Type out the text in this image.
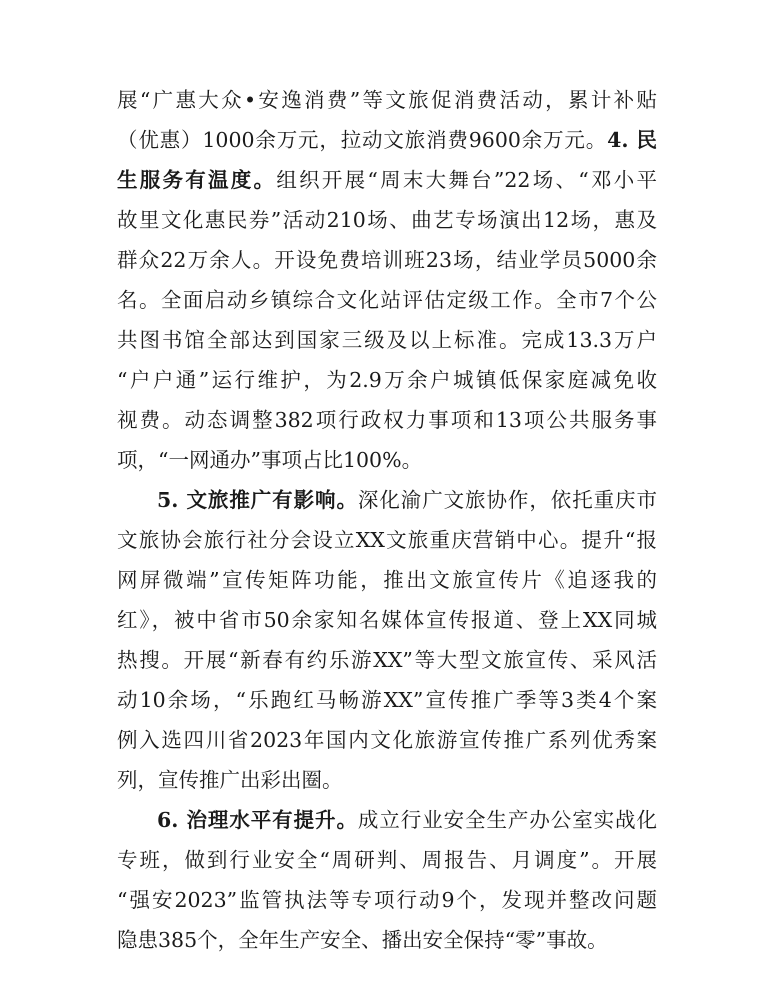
展“广惠大众•安逸消费”等文旅促消费活动，累计补贴
（优惠）1000余万元，拉动文旅消费9600余万元。4. 民
生服务有温度。组织开展“周末大舞台”22场、“邓小平
故里文化惠民券”活动210场、曲艺专场演出12场，惠及
群众22万余人。开设免费培训班23场，结业学员5000余
名。全面启动乡镇综合文化站评估定级工作。全市7个公
共图书馆全部达到国家三级及以上标准。完成13.3万户
“户户通”运行维护，为2.9万余户城镇低保家庭减免收
视费。动态调整382项行政权力事项和13项公共服务事
项，“一网通办”事项占比100%。
5. 文旅推广有影响。深化渝广文旅协作，依托重庆市
文旅协会旅行社分会设立XX文旅重庆营销中心。提升“报
网屏微端”宣传矩阵功能，推出文旅宣传片《追逐我的
红》，被中省市50余家知名媒体宣传报道、登上XX同城
热搜。开展“新春有约乐游XX”等大型文旅宣传、采风活
动10余场，“乐跑红马畅游XX”宣传推广季等3类4个案
例入选四川省2023年国内文化旅游宣传推广系列优秀案
列，宣传推广出彩出圈。
6. 治理水平有提升。成立行业安全生产办公室实战化
专班，做到行业安全“周研判、周报告、月调度”。开展
“强安2023”监管执法等专项行动9个，发现并整改问题
隐患385个，全年生产安全、播出安全保持“零”事故。
